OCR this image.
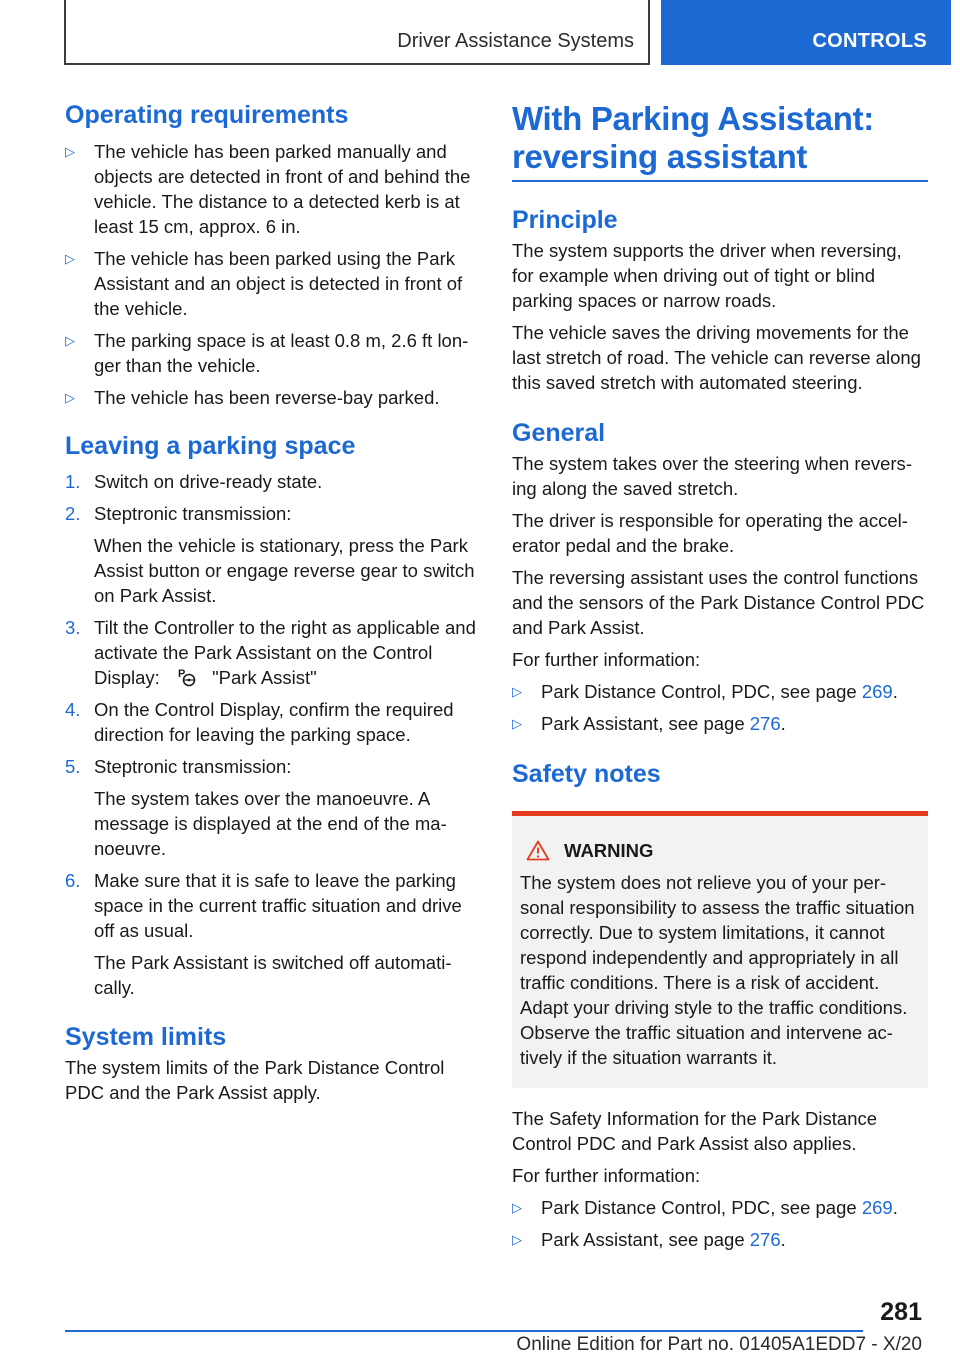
Driver Assistance Systems	CONTROLS
Operating requirements
▷	The vehicle has been parked manually and objects are detected in front of and behind the vehicle. The distance to a detected kerb is at least 15 cm, approx. 6 in.
▷	The vehicle has been parked using the Park Assistant and an object is detected in front of the vehicle.
▷	The parking space is at least 0.8 m, 2.6 ft longer than the vehicle.
▷	The vehicle has been reverse-bay parked.
Leaving a parking space
1. Switch on drive-ready state.
2. Steptronic transmission:
When the vehicle is stationary, press the Park Assist button or engage reverse gear to switch on Park Assist.
3. Tilt the Controller to the right as applicable and activate the Park Assistant on the Control Display: P "Park Assist"
4. On the Control Display, confirm the required direction for leaving the parking space.
5. Steptronic transmission:
The system takes over the manoeuvre. A message is displayed at the end of the manoeuvre.
6. Make sure that it is safe to leave the parking space in the current traffic situation and drive off as usual.
The Park Assistant is switched off automatically.
System limits

The system limits of the Park Distance Control PDC and the Park Assist apply.

With Parking Assistant:
reversing assistant
Principle

The system supports the driver when reversing, for example when driving out of tight or blind parking spaces or narrow roads.

The vehicle saves the driving movements for the last stretch of road. The vehicle can reverse along this saved stretch with automated steering.

General

The system takes over the steering when reversing along the saved stretch.

The driver is responsible for operating the accelerator pedal and the brake.

The reversing assistant uses the control functions and the sensors of the Park Distance Control PDC and Park Assist.

For further information:

▷	Park Distance Control, PDC, see page 269.
▷	Park Assistant, see page 276.
Safety notes
WARNING

The system does not relieve you of your personal responsibility to assess the traffic situation correctly. Due to system limitations, it cannot respond independently and appropriately in all traffic conditions. There is a risk of accident.

Adapt your driving style to the traffic conditions. Observe the traffic situation and intervene actively if the situation warrants it.

The Safety Information for the Park Distance Control PDC and Park Assist also applies.

For further information:

▷	Park Distance Control, PDC, see page 269.
▷	Park Assistant, see page 276.
281
Online Edition for Part no. 01405A1EDD7 - X/20
